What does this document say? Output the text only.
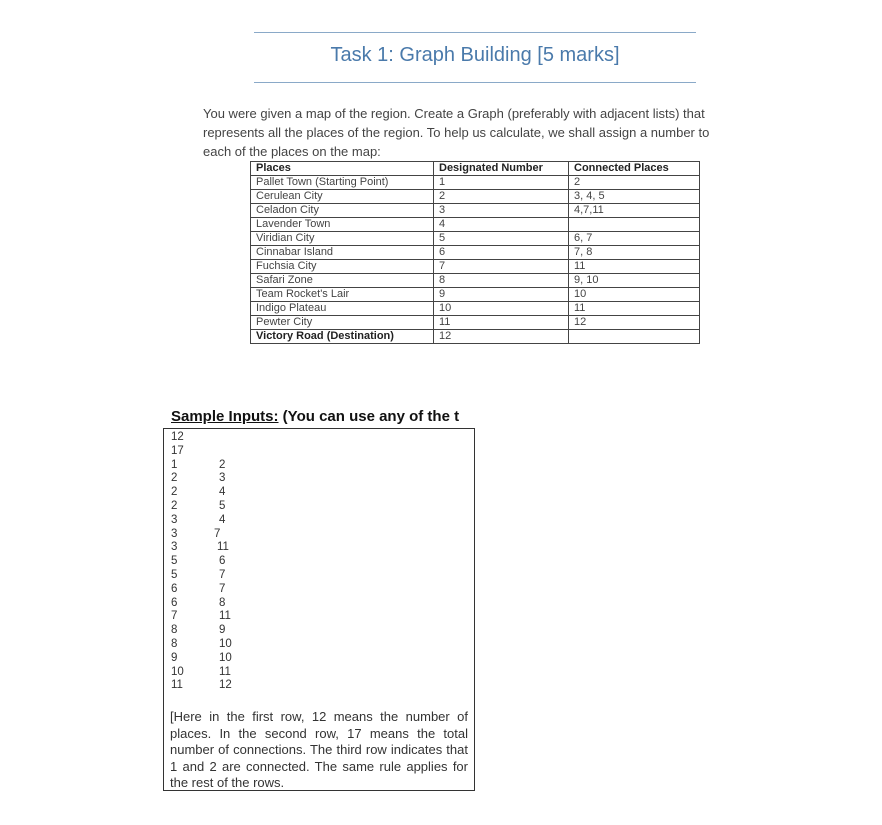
Task 1: Graph Building [5 marks]
You were given a map of the region. Create a Graph (preferably with adjacent lists) that
represents all the places of the region. To help us calculate, we shall assign a number to
each of the places on the map:
Places	Designated Number	Connected Places
Pallet Town (Starting Point)	1	2
Cerulean City	2	3, 4, 5
Celadon City	3	4,7,11
Lavender Town	4	
Viridian City	5	6, 7
Cinnabar Island	6	7, 8
Fuchsia City	7	11
Safari Zone	8	9, 10
Team Rocket's Lair	9	10
Indigo Plateau	10	11
Pewter City	11	12
Victory Road (Destination)	12	
Sample Inputs: (You can use any of the t
12
17
1	2
2	3
2	4
2	5
3	4
3	7
3	11
5	6
5	7
6	7
6	8
7	11
8	9
8	10
9	10
10	11
11	12
[Here in the first row, 12 means the number of places. In the second row, 17 means the total number of connections. The third row indicates that 1 and 2 are connected. The same rule applies for the rest of the rows.
